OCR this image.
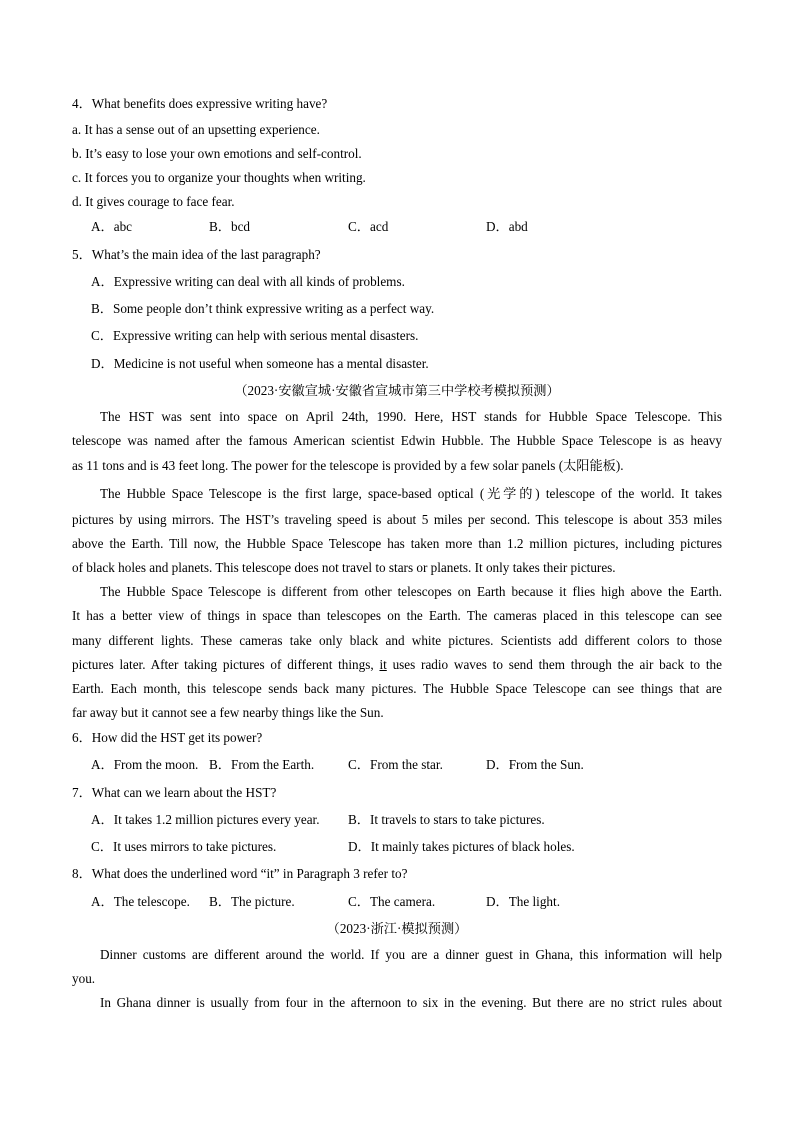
4．What benefits does expressive writing have?
a. It has a sense out of an upsetting experience.
b. It’s easy to lose your own emotions and self-control.
c. It forces you to organize your thoughts when writing.
d. It gives courage to face fear.
A．abc	B．bcd	C．acd	D．abd
5．What’s the main idea of the last paragraph?
A．Expressive writing can deal with all kinds of problems.
B．Some people don’t think expressive writing as a perfect way.
C．Expressive writing can help with serious mental disasters.
D．Medicine is not useful when someone has a mental disaster.
（2023·安徽宣城·安徽省宣城市第三中学校考模拟预测）
The HST was sent into space on April 24th, 1990. Here, HST stands for Hubble Space Telescope. This
telescope was named after the famous American scientist Edwin Hubble. The Hubble Space Telescope is as heavy
as 11 tons and is 43 feet long. The power for the telescope is provided by a few solar panels (太阳能板).
The Hubble Space Telescope is the first large, space-based optical (光学的) telescope of the world. It takes
pictures by using mirrors. The HST’s traveling speed is about 5 miles per second. This telescope is about 353 miles
above the Earth. Till now, the Hubble Space Telescope has taken more than 1.2 million pictures, including pictures
of black holes and planets. This telescope does not travel to stars or planets. It only takes their pictures.
The Hubble Space Telescope is different from other telescopes on Earth because it flies high above the Earth.
It has a better view of things in space than telescopes on the Earth. The cameras placed in this telescope can see
many different lights. These cameras take only black and white pictures. Scientists add different colors to those
pictures later. After taking pictures of different things, it uses radio waves to send them through the air back to the
Earth. Each month, this telescope sends back many pictures. The Hubble Space Telescope can see things that are
far away but it cannot see a few nearby things like the Sun.
6．How did the HST get its power?
A．From the moon. B．From the Earth.	C．From the star.	D．From the Sun.
7．What can we learn about the HST?
A．It takes 1.2 million pictures every year. B．It travels to stars to take pictures.
C．It uses mirrors to take pictures.	D．It mainly takes pictures of black holes.
8．What does the underlined word “it” in Paragraph 3 refer to?
A．The telescope. B．The picture.	C．The camera.	D．The light.
（2023·浙江·模拟预测）
Dinner customs are different around the world. If you are a dinner guest in Ghana, this information will help
you.
In Ghana dinner is usually from four in the afternoon to six in the evening. But there are no strict rules about
